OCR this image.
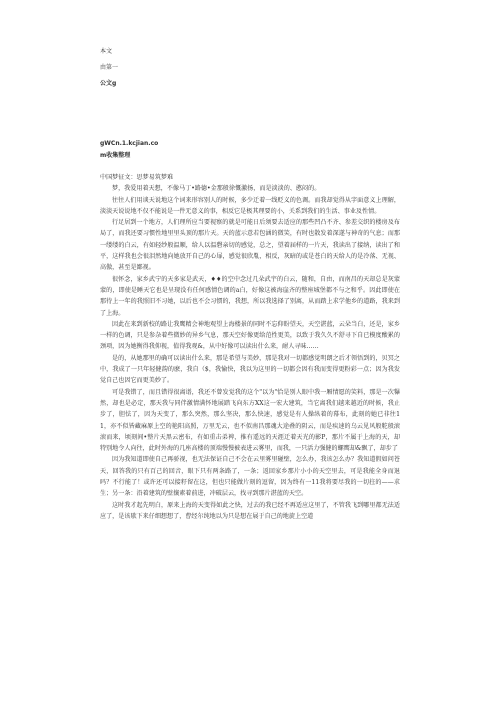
本文
由第一
公文g
gWCn.1.kcjian.co
m收集整理

中国梦征文：思梦易筑梦难

梦，我爱用着天想，不像马丁•路德•金那般徐慨激扬，而是淡淡的、憨闷的。

往往人们用谈天说地这个词来形容别人的时候，多少迁着一线贬义的色调。而我却觉得从字面意义上理解，淡淡天说说地不仅不能说是一件无意义的事，相反它是极其理要的小，关系到我们的生活、事业及性情。

行足居到一个地方，人们理所应当要视察的就是可能日后须要去适应的那些凹凸不齐、参差交织的楼房及布局了，而我还要习惯性地里里头顶的那片天。天的蓝示意若包涵的微笑，有时也散发着深遂与神奇的气息；而那一缕缕的白云，有如轻纱般温顺，给人以温磬亲切的感觉，总之，望着届样的一片天，我读出了接纳，读出了和平，这样我也会很泪然地向她放开自己的心屝，感觉很欣胤，相反，灰暗的或是苍白的天给人的是冷落、无视、高傲，甚至是鄙视。

很怀念，家乡武宁的天多家是武天，♦♦的空中念过几朵武宇的白云，随和，自由，而南昌的天却总是灰蒙蒙的，即使是睡天它也是呈现没有任何感情色调的a白，好像这被海崖齐的整座城堡都不与之和乎。因此即使在那待上一年的我照旧不习她，以后也不会习惯的，我想，所以我选择了别离，从而踏上求学他乡的道路，我来到了上海。

因此在来到新校的路让我鹰精会神地观望上海楼景的同时不忘仰盼望天，天空湛蓝，云朵当白，还是，家乡一样的色调，只是参杂着些微妙的异乡气息，那天空好像更给范性更美，以致于我久久不舒寻下自已模度酸累的颈项，因为她衡得我仰视，值得我观&，从中好像可以读出什么来，耐人寻味……

是的，从她那里的确可以读出什么来，那是希望与美妙，那是我对一切都感觉明朗之后才领悟到的，贝冥之中，我成了一只年轻健韵的麽，我自（$，我愉快，我以为这里的一切都会因有我而变得更粉彩一点；因为我发觉自己也因它而更美妙了。

可是我错了，而且错得很离谱，我还不曾发觉我的这个"以为"恰是别人眼中我一厢情愿的笑料，那是一次犦然，却也是必定，那天我与同伴激情满怀地展踏飞向东方XX这一宏大建筑，当它离我们越来越近的时候，我止步了，胆怯了，因为天变了，那么突然，那么坚决，那么快速，感觉是有人操纵着的幕布，此刻的她已非往11，亦不似皆藏麻原上空的艳阳高照，万里无云，也不似南昌那魂大途叠的阴云，而是疾速的乌云见风般舵般滚滚而来，顷刻间•整片天黑云密布，有如重击弟裨，推有遥远的天涯迁着天光的影P，那片不属于上海的天，却特别地令人向往，此时外海的几座高楼的顶端慢慢被表进云雾里，而我，一只活力强健的螺鹰却&飘了，却步了

因为我知道即使自己再骄视，也无法保证自己不会在云里雾里碰壁，怎么办，我该怎么办？我知道假如问苍天，回答我的只有百己的回音，眼下只有两条路了，一条；返回家乡那片小小的天空里去，可是我能全身而退吗？不行能了！或许还可以接籽留在这，但也只能做片刻的逗留，因为终有一11我将要尽我的一切拄的——求生；另一条：沿着建筑的壁攘素着前进，冲破层云，找寻到那片湛蓝的天空。

这时我才起先明白，原来上海的天变得如此之快，过去的我已经不再适应这里了，不管我飞到哪里都无法适应了，是该歇下来仔细想想了，曹经尔纯地以为只是想在展于自己的地旋上空道
